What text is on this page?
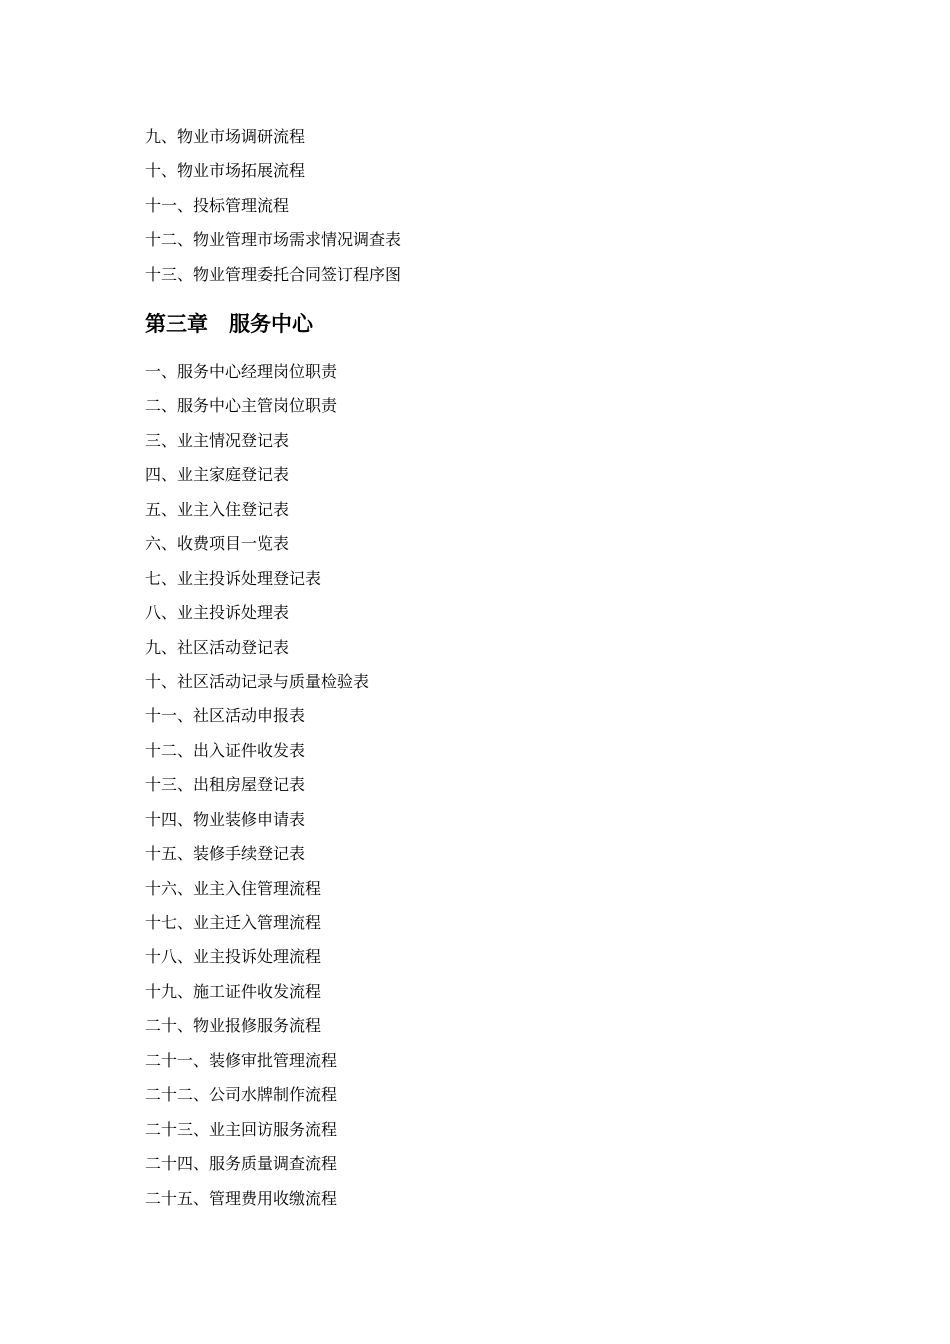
九、物业市场调研流程
十、物业市场拓展流程
十一、投标管理流程
十二、物业管理市场需求情况调查表
十三、物业管理委托合同签订程序图
第三章　服务中心
一、服务中心经理岗位职责
二、服务中心主管岗位职责
三、业主情况登记表
四、业主家庭登记表
五、业主入住登记表
六、收费项目一览表
七、业主投诉处理登记表
八、业主投诉处理表
九、社区活动登记表
十、社区活动记录与质量检验表
十一、社区活动申报表
十二、出入证件收发表
十三、出租房屋登记表
十四、物业装修申请表
十五、装修手续登记表
十六、业主入住管理流程
十七、业主迁入管理流程
十八、业主投诉处理流程
十九、施工证件收发流程
二十、物业报修服务流程
二十一、装修审批管理流程
二十二、公司水牌制作流程
二十三、业主回访服务流程
二十四、服务质量调查流程
二十五、管理费用收缴流程
